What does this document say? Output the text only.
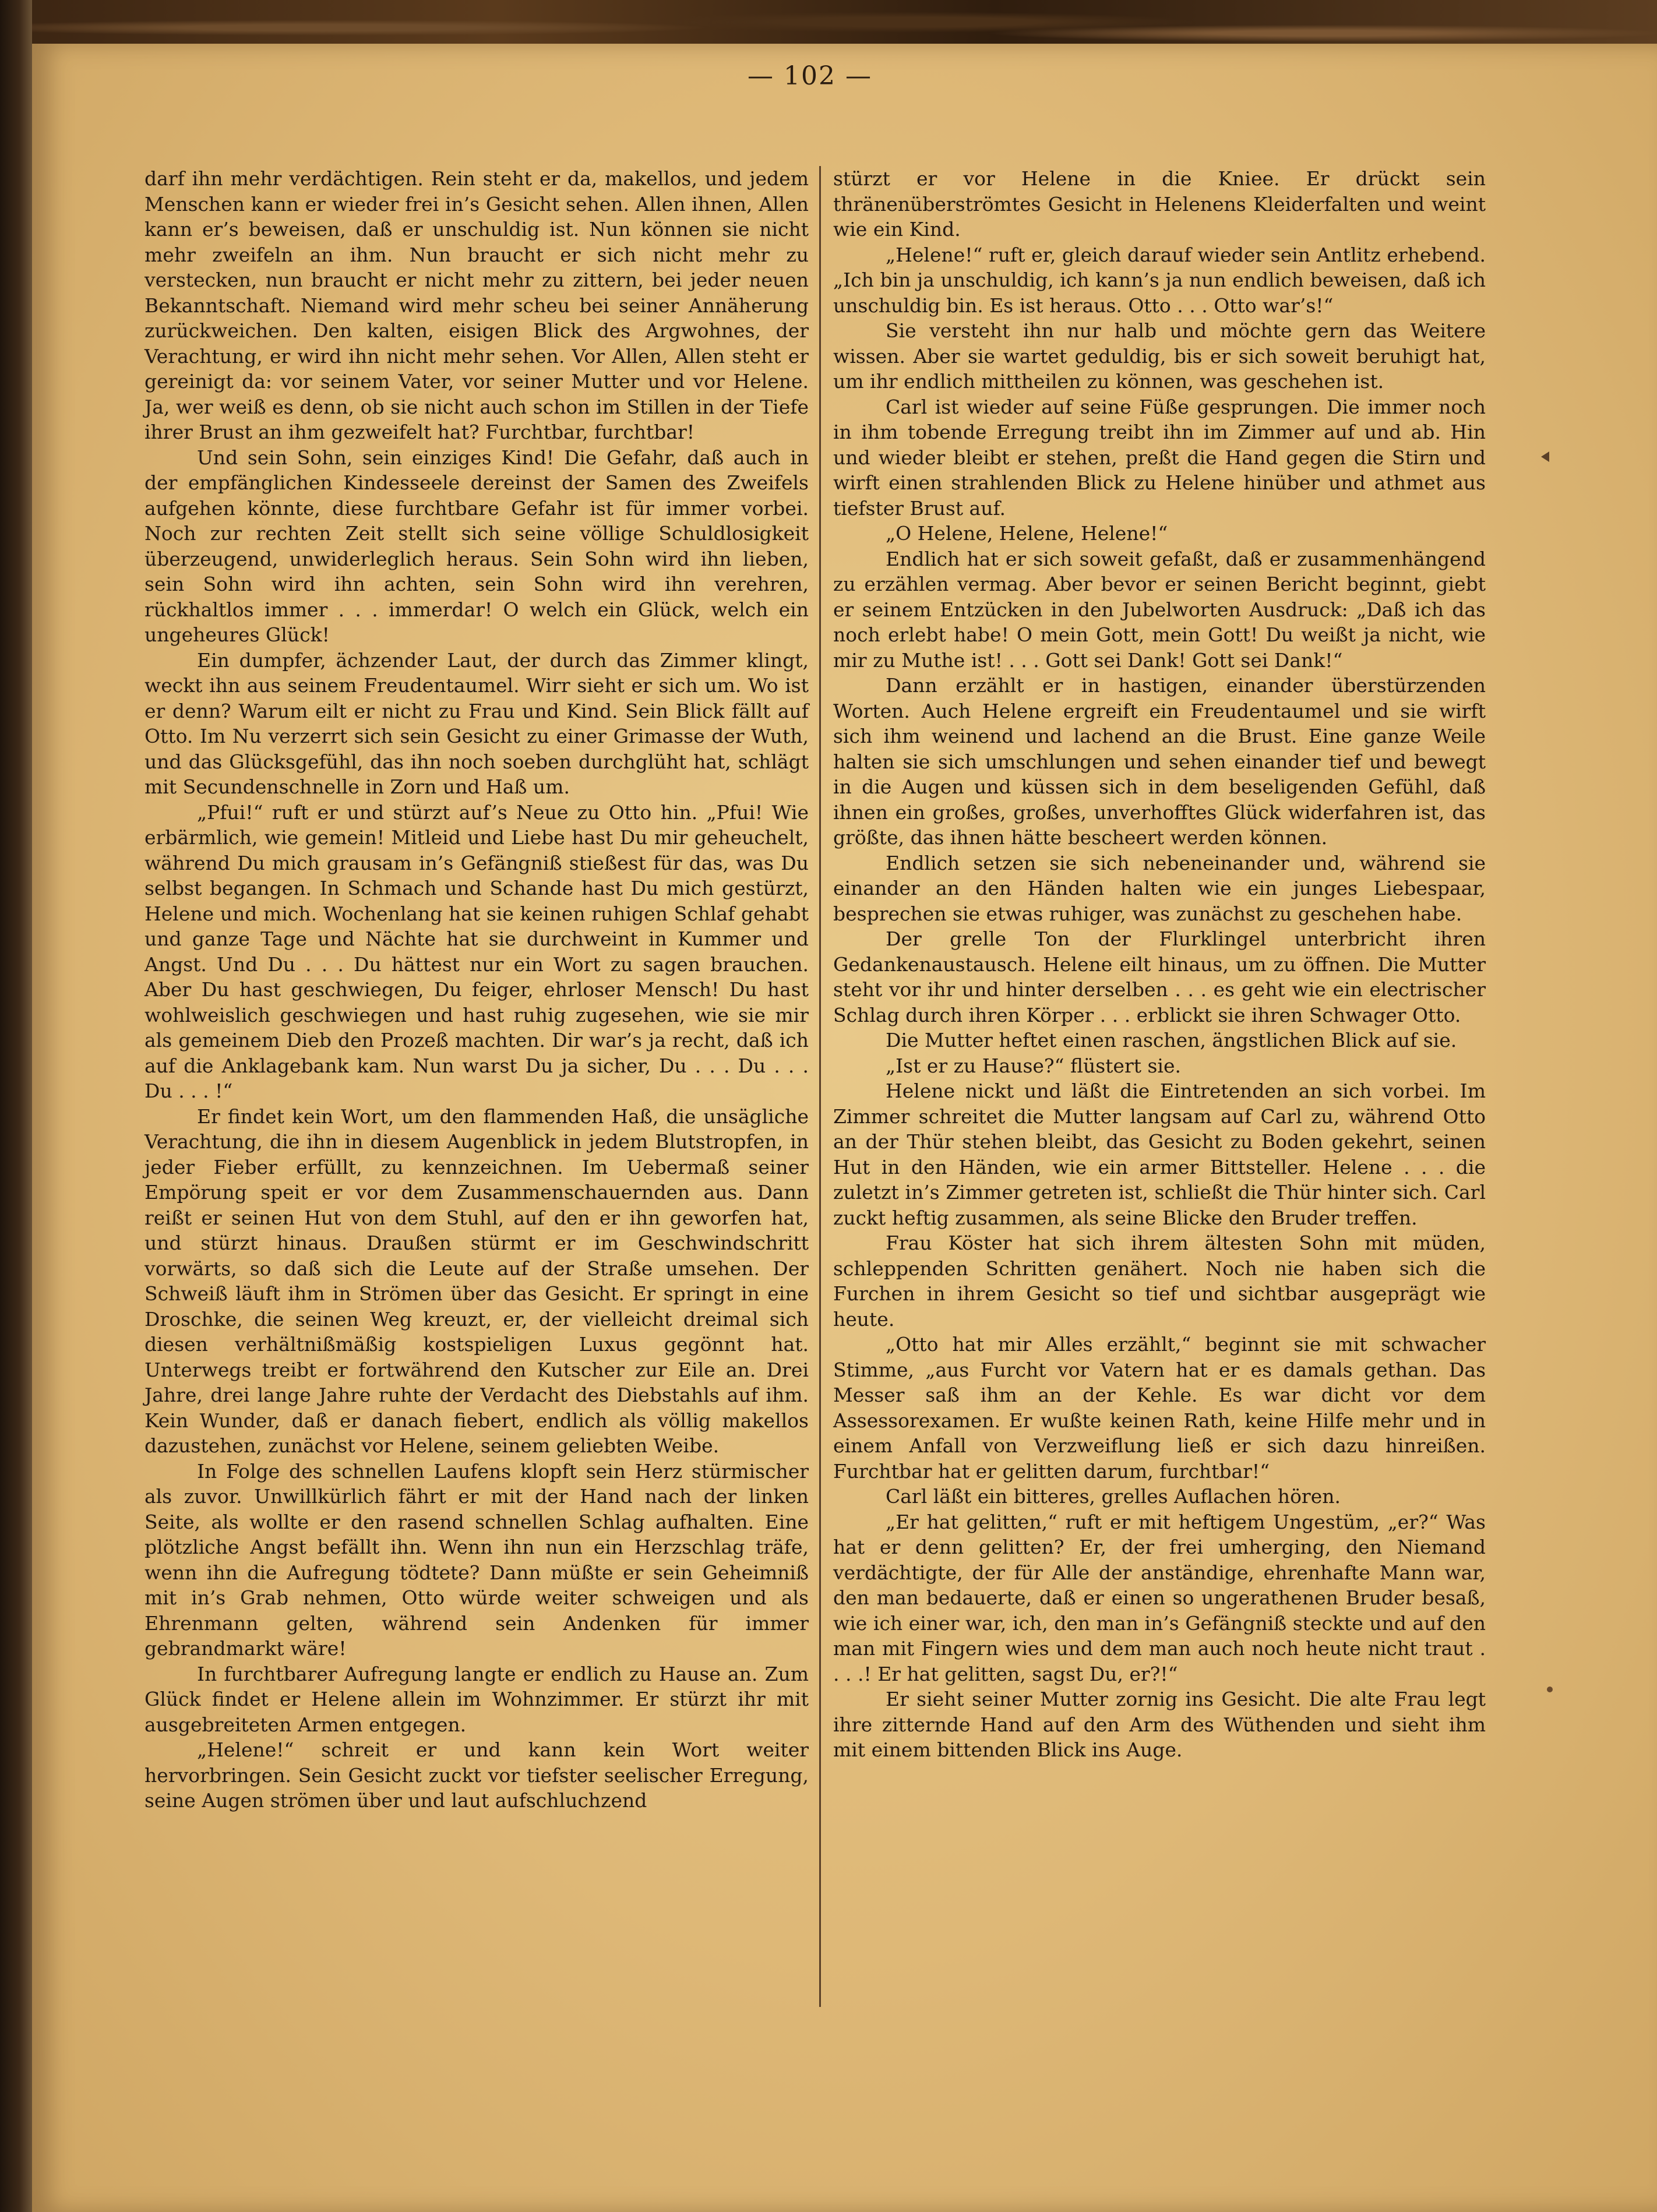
— 102 —

darf ihn mehr verdächtigen. Rein steht er da, makellos, und jedem Menschen kann er wieder frei in’s Gesicht sehen. Allen ihnen, Allen kann er’s beweisen, daß er unschuldig ist. Nun können sie nicht mehr zweifeln an ihm. Nun braucht er sich nicht mehr zu verstecken, nun braucht er nicht mehr zu zittern, bei jeder neuen Bekanntschaft. Niemand wird mehr scheu bei seiner Annäherung zurückweichen. Den kalten, eisigen Blick des Argwohnes, der Verachtung, er wird ihn nicht mehr sehen. Vor Allen, Allen steht er gereinigt da: vor seinem Vater, vor seiner Mutter und vor Helene. Ja, wer weiß es denn, ob sie nicht auch schon im Stillen in der Tiefe ihrer Brust an ihm gezweifelt hat? Furchtbar, furchtbar!

Und sein Sohn, sein einziges Kind! Die Gefahr, daß auch in der empfänglichen Kindesseele dereinst der Samen des Zweifels aufgehen könnte, diese furchtbare Gefahr ist für immer vorbei. Noch zur rechten Zeit stellt sich seine völlige Schuldlosigkeit überzeugend, unwiderleglich heraus. Sein Sohn wird ihn lieben, sein Sohn wird ihn achten, sein Sohn wird ihn verehren, rückhaltlos immer . . . immerdar! O welch ein Glück, welch ein ungeheures Glück!

Ein dumpfer, ächzender Laut, der durch das Zimmer klingt, weckt ihn aus seinem Freudentaumel. Wirr sieht er sich um. Wo ist er denn? Warum eilt er nicht zu Frau und Kind. Sein Blick fällt auf Otto. Im Nu verzerrt sich sein Gesicht zu einer Grimasse der Wuth, und das Glücksgefühl, das ihn noch soeben durchglüht hat, schlägt mit Secundenschnelle in Zorn und Haß um.

„Pfui!“ ruft er und stürzt auf’s Neue zu Otto hin. „Pfui! Wie erbärmlich, wie gemein! Mitleid und Liebe hast Du mir geheuchelt, während Du mich grausam in’s Gefängniß stießest für das, was Du selbst begangen. In Schmach und Schande hast Du mich gestürzt, Helene und mich. Wochenlang hat sie keinen ruhigen Schlaf gehabt und ganze Tage und Nächte hat sie durchweint in Kummer und Angst. Und Du . . . Du hättest nur ein Wort zu sagen brauchen. Aber Du hast geschwiegen, Du feiger, ehrloser Mensch! Du hast wohlweislich geschwiegen und hast ruhig zugesehen, wie sie mir als gemeinem Dieb den Prozeß machten. Dir war’s ja recht, daß ich auf die Anklagebank kam. Nun warst Du ja sicher, Du . . . Du . . . Du . . . !“

Er findet kein Wort, um den flammenden Haß, die unsägliche Verachtung, die ihn in diesem Augenblick in jedem Blutstropfen, in jeder Fieber erfüllt, zu kennzeichnen. Im Uebermaß seiner Empörung speit er vor dem Zusammenschauernden aus. Dann reißt er seinen Hut von dem Stuhl, auf den er ihn geworfen hat, und stürzt hinaus. Draußen stürmt er im Geschwindschritt vorwärts, so daß sich die Leute auf der Straße umsehen. Der Schweiß läuft ihm in Strömen über das Gesicht. Er springt in eine Droschke, die seinen Weg kreuzt, er, der vielleicht dreimal sich diesen verhältnißmäßig kostspieligen Luxus gegönnt hat. Unterwegs treibt er fortwährend den Kutscher zur Eile an. Drei Jahre, drei lange Jahre ruhte der Verdacht des Diebstahls auf ihm. Kein Wunder, daß er danach fiebert, endlich als völlig makellos dazustehen, zunächst vor Helene, seinem geliebten Weibe.

In Folge des schnellen Laufens klopft sein Herz stürmischer als zuvor. Unwillkürlich fährt er mit der Hand nach der linken Seite, als wollte er den rasend schnellen Schlag aufhalten. Eine plötzliche Angst befällt ihn. Wenn ihn nun ein Herzschlag träfe, wenn ihn die Aufregung tödtete? Dann müßte er sein Geheimniß mit in’s Grab nehmen, Otto würde weiter schweigen und als Ehrenmann gelten, während sein Andenken für immer gebrandmarkt wäre!

In furchtbarer Aufregung langte er endlich zu Hause an. Zum Glück findet er Helene allein im Wohnzimmer. Er stürzt ihr mit ausgebreiteten Armen entgegen.

„Helene!“ schreit er und kann kein Wort weiter hervorbringen. Sein Gesicht zuckt vor tiefster seelischer Erregung, seine Augen strömen über und laut aufschluchzend

stürzt er vor Helene in die Kniee. Er drückt sein thränenüberströmtes Gesicht in Helenens Kleiderfalten und weint wie ein Kind.

„Helene!“ ruft er, gleich darauf wieder sein Antlitz erhebend. „Ich bin ja unschuldig, ich kann’s ja nun endlich beweisen, daß ich unschuldig bin. Es ist heraus. Otto . . . Otto war’s!“

Sie versteht ihn nur halb und möchte gern das Weitere wissen. Aber sie wartet geduldig, bis er sich soweit beruhigt hat, um ihr endlich mittheilen zu können, was geschehen ist.

Carl ist wieder auf seine Füße gesprungen. Die immer noch in ihm tobende Erregung treibt ihn im Zimmer auf und ab. Hin und wieder bleibt er stehen, preßt die Hand gegen die Stirn und wirft einen strahlenden Blick zu Helene hinüber und athmet aus tiefster Brust auf.

„O Helene, Helene, Helene!“

Endlich hat er sich soweit gefaßt, daß er zusammenhängend zu erzählen vermag. Aber bevor er seinen Bericht beginnt, giebt er seinem Entzücken in den Jubelworten Ausdruck: „Daß ich das noch erlebt habe! O mein Gott, mein Gott! Du weißt ja nicht, wie mir zu Muthe ist! . . . Gott sei Dank! Gott sei Dank!“

Dann erzählt er in hastigen, einander überstürzenden Worten. Auch Helene ergreift ein Freudentaumel und sie wirft sich ihm weinend und lachend an die Brust. Eine ganze Weile halten sie sich umschlungen und sehen einander tief und bewegt in die Augen und küssen sich in dem beseligenden Gefühl, daß ihnen ein großes, großes, unverhofftes Glück widerfahren ist, das größte, das ihnen hätte bescheert werden können.

Endlich setzen sie sich nebeneinander und, während sie einander an den Händen halten wie ein junges Liebespaar, besprechen sie etwas ruhiger, was zunächst zu geschehen habe.

Der grelle Ton der Flurklingel unterbricht ihren Gedankenaustausch. Helene eilt hinaus, um zu öffnen. Die Mutter steht vor ihr und hinter derselben . . . es geht wie ein electrischer Schlag durch ihren Körper . . . erblickt sie ihren Schwager Otto.

Die Mutter heftet einen raschen, ängstlichen Blick auf sie.

„Ist er zu Hause?“ flüstert sie.

Helene nickt und läßt die Eintretenden an sich vorbei. Im Zimmer schreitet die Mutter langsam auf Carl zu, während Otto an der Thür stehen bleibt, das Gesicht zu Boden gekehrt, seinen Hut in den Händen, wie ein armer Bittsteller. Helene . . . die zuletzt in’s Zimmer getreten ist, schließt die Thür hinter sich. Carl zuckt heftig zusammen, als seine Blicke den Bruder treffen.

Frau Köster hat sich ihrem ältesten Sohn mit müden, schleppenden Schritten genähert. Noch nie haben sich die Furchen in ihrem Gesicht so tief und sichtbar ausgeprägt wie heute.

„Otto hat mir Alles erzählt,“ beginnt sie mit schwacher Stimme, „aus Furcht vor Vatern hat er es damals gethan. Das Messer saß ihm an der Kehle. Es war dicht vor dem Assessorexamen. Er wußte keinen Rath, keine Hilfe mehr und in einem Anfall von Verzweiflung ließ er sich dazu hinreißen. Furchtbar hat er gelitten darum, furchtbar!“

Carl läßt ein bitteres, grelles Auflachen hören.

„Er hat gelitten,“ ruft er mit heftigem Ungestüm, „er?“ Was hat er denn gelitten? Er, der frei umherging, den Niemand verdächtigte, der für Alle der anständige, ehrenhafte Mann war, den man bedauerte, daß er einen so ungerathenen Bruder besaß, wie ich einer war, ich, den man in’s Gefängniß steckte und auf den man mit Fingern wies und dem man auch noch heute nicht traut . . . .! Er hat gelitten, sagst Du, er?!“

Er sieht seiner Mutter zornig ins Gesicht. Die alte Frau legt ihre zitternde Hand auf den Arm des Wüthenden und sieht ihm mit einem bittenden Blick ins Auge.
